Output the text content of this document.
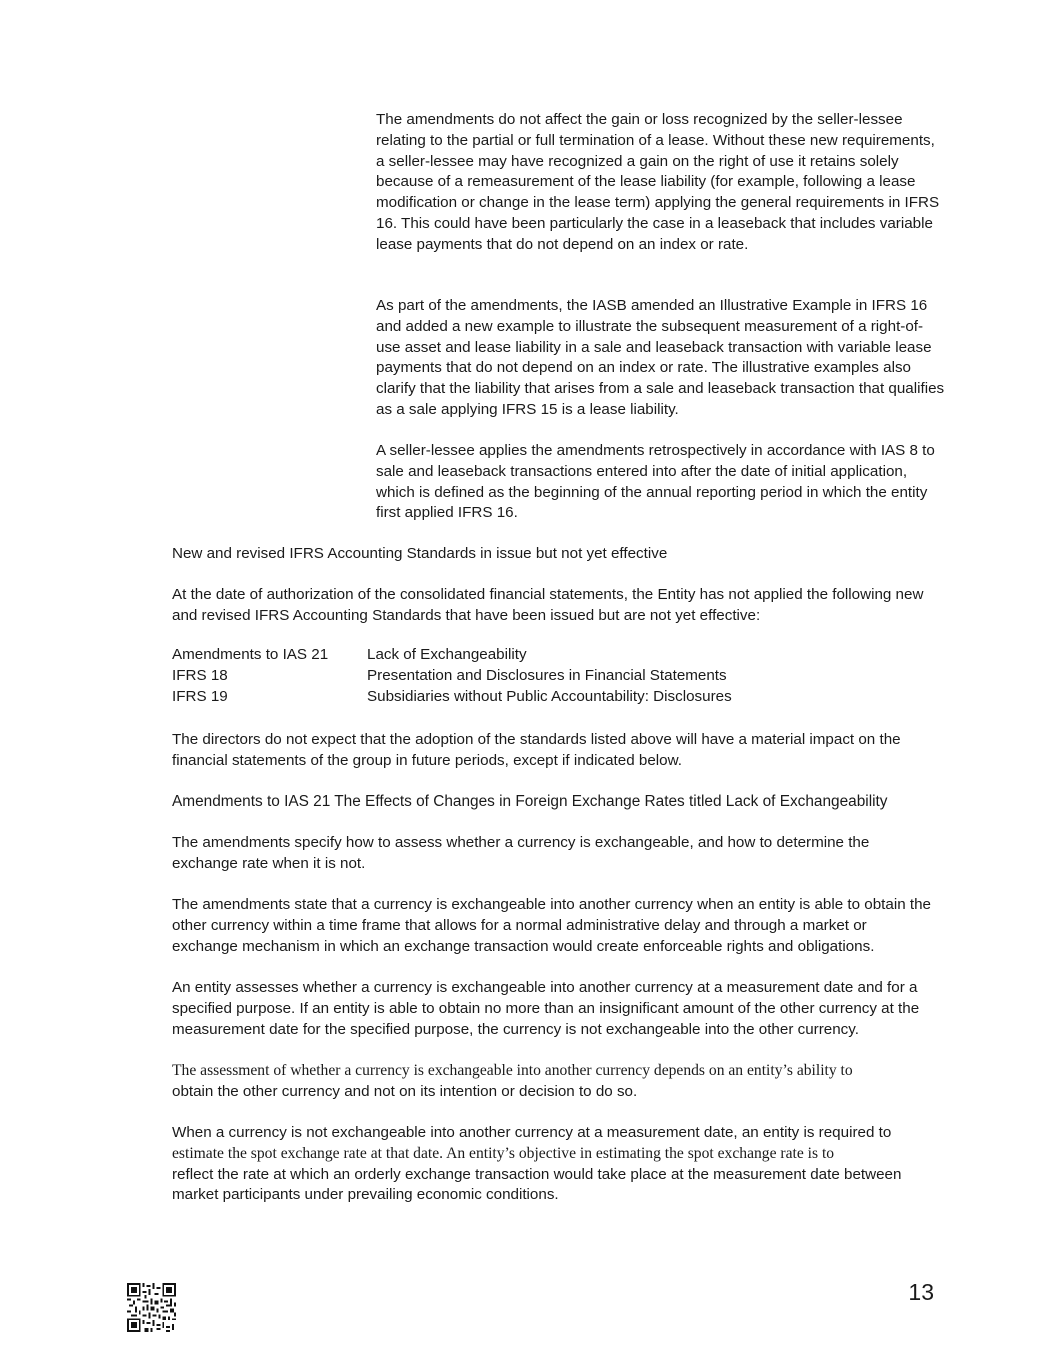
The amendments do not affect the gain or loss recognized by the seller-lessee relating to the partial or full termination of a lease. Without these new requirements, a seller-lessee may have recognized a gain on the right of use it retains solely because of a remeasurement of the lease liability (for example, following a lease modification or change in the lease term) applying the general requirements in IFRS 16. This could have been particularly the case in a leaseback that includes variable lease payments that do not depend on an index or rate.

As part of the amendments, the IASB amended an Illustrative Example in IFRS 16 and added a new example to illustrate the subsequent measurement of a right-of-use asset and lease liability in a sale and leaseback transaction with variable lease payments that do not depend on an index or rate. The illustrative examples also clarify that the liability that arises from a sale and leaseback transaction that qualifies as a sale applying IFRS 15 is a lease liability.

A seller-lessee applies the amendments retrospectively in accordance with IAS 8 to sale and leaseback transactions entered into after the date of initial application, which is defined as the beginning of the annual reporting period in which the entity first applied IFRS 16.

New and revised IFRS Accounting Standards in issue but not yet effective

At the date of authorization of the consolidated financial statements, the Entity has not applied the following new and revised IFRS Accounting Standards that have been issued but are not yet effective:

Amendments to IAS 21	Lack of Exchangeability
IFRS 18	Presentation and Disclosures in Financial Statements
IFRS 19	Subsidiaries without Public Accountability: Disclosures

The directors do not expect that the adoption of the standards listed above will have a material impact on the financial statements of the group in future periods, except if indicated below.

Amendments to IAS 21 The Effects of Changes in Foreign Exchange Rates titled Lack of Exchangeability

The amendments specify how to assess whether a currency is exchangeable, and how to determine the exchange rate when it is not.

The amendments state that a currency is exchangeable into another currency when an entity is able to obtain the other currency within a time frame that allows for a normal administrative delay and through a market or exchange mechanism in which an exchange transaction would create enforceable rights and obligations.

An entity assesses whether a currency is exchangeable into another currency at a measurement date and for a specified purpose. If an entity is able to obtain no more than an insignificant amount of the other currency at the measurement date for the specified purpose, the currency is not exchangeable into the other currency.

The assessment of whether a currency is exchangeable into another currency depends on an entity’s ability to
obtain the other currency and not on its intention or decision to do so.

When a currency is not exchangeable into another currency at a measurement date, an entity is required to
estimate the spot exchange rate at that date. An entity’s objective in estimating the spot exchange rate is to
reflect the rate at which an orderly exchange transaction would take place at the measurement date between market participants under prevailing economic conditions.

13
